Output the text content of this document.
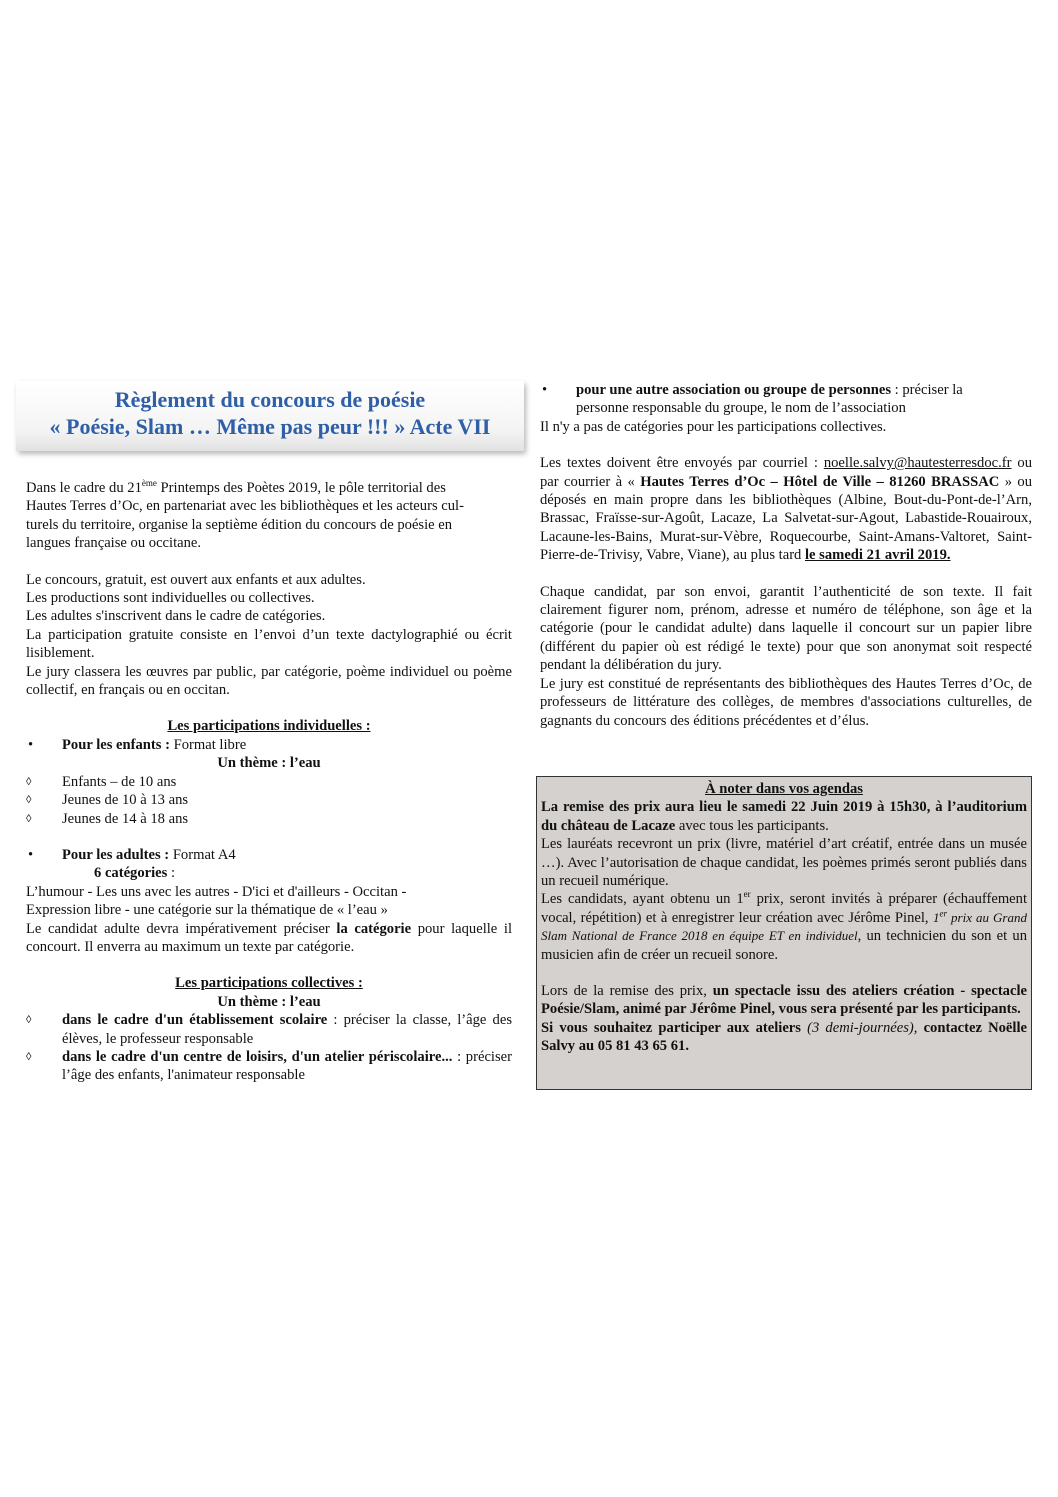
Règlement du concours de poésie
« Poésie, Slam … Même pas peur !!! » Acte VII

Dans le cadre du 21ème Printemps des Poètes 2019, le pôle territorial des

Hautes Terres d’Oc, en partenariat avec les bibliothèques et les acteurs cul-

turels du territoire, organise la septième édition du concours de poésie en

langues française ou occitane.

Le concours, gratuit, est ouvert aux enfants et aux adultes.

Les productions sont individuelles ou collectives.

Les adultes s'inscrivent dans le cadre de catégories.

La participation gratuite consiste en l’envoi d’un texte dactylographié ou écrit lisiblement.

Le jury classera les œuvres par public, par catégorie, poème individuel ou poème collectif, en français ou en occitan.

Les participations individuelles :

• Pour les enfants : Format libre

Un thème : l’eau

◊ Enfants – de 10 ans
◊ Jeunes de 10 à 13 ans
◊ Jeunes de 14 à 18 ans
• Pour les adultes : Format A4

6 catégories :

L’humour - Les uns avec les autres - D'ici et d'ailleurs - Occitan -

Expression libre - une catégorie sur la thématique de « l’eau »

Le candidat adulte devra impérativement préciser la catégorie pour laquelle il concourt. Il enverra au maximum un texte par catégorie.

Les participations collectives :

Un thème : l’eau

◊ dans le cadre d'un établissement scolaire : préciser la classe, l’âge des élèves, le professeur responsable

◊ dans le cadre d'un centre de loisirs, d'un atelier périscolaire... : préciser l’âge des enfants, l'animateur responsable

• pour une autre association ou groupe de personnes : préciser la

personne responsable du groupe, le nom de l’association

Il n'y a pas de catégories pour les participations collectives.

Les textes doivent être envoyés par courriel : noelle.salvy@hautesterresdoc.fr ou par courrier à « Hautes Terres d’Oc – Hôtel de Ville – 81260 BRASSAC » ou déposés en main propre dans les bibliothèques (Albine, Bout-du-Pont-de-l’Arn, Brassac, Fraïsse-sur-Agoût, Lacaze, La Salvetat-sur-Agout, Labastide-Rouairoux, Lacaune-les-Bains, Murat-sur-Vèbre, Roquecourbe, Saint-Amans-Valtoret, Saint-Pierre-de-Trivisy, Vabre, Viane), au plus tard le samedi 21 avril 2019.

Chaque candidat, par son envoi, garantit l’authenticité de son texte. Il fait clairement figurer nom, prénom, adresse et numéro de téléphone, son âge et la catégorie (pour le candidat adulte) dans laquelle il concourt sur un papier libre (différent du papier où est rédigé le texte) pour que son anonymat soit respecté pendant la délibération du jury.

Le jury est constitué de représentants des bibliothèques des Hautes Terres d’Oc, de professeurs de littérature des collèges, de membres d'associations culturelles, de gagnants du concours des éditions précédentes et d’élus.

À noter dans vos agendas

La remise des prix aura lieu le samedi 22 Juin 2019 à 15h30, à l’auditorium du château de Lacaze avec tous les participants.

Les lauréats recevront un prix (livre, matériel d’art créatif, entrée dans un musée …). Avec l’autorisation de chaque candidat, les poèmes primés seront publiés dans un recueil numérique.

Les candidats, ayant obtenu un 1er prix, seront invités à préparer (échauffement vocal, répétition) et à enregistrer leur création avec Jérôme Pinel, 1er prix au Grand Slam National de France 2018 en équipe ET en individuel, un technicien du son et un musicien afin de créer un recueil sonore.

Lors de la remise des prix, un spectacle issu des ateliers création - spectacle Poésie/Slam, animé par Jérôme Pinel, vous sera présenté par les participants.

Si vous souhaitez participer aux ateliers (3 demi-journées), contactez Noëlle Salvy au 05 81 43 65 61.
